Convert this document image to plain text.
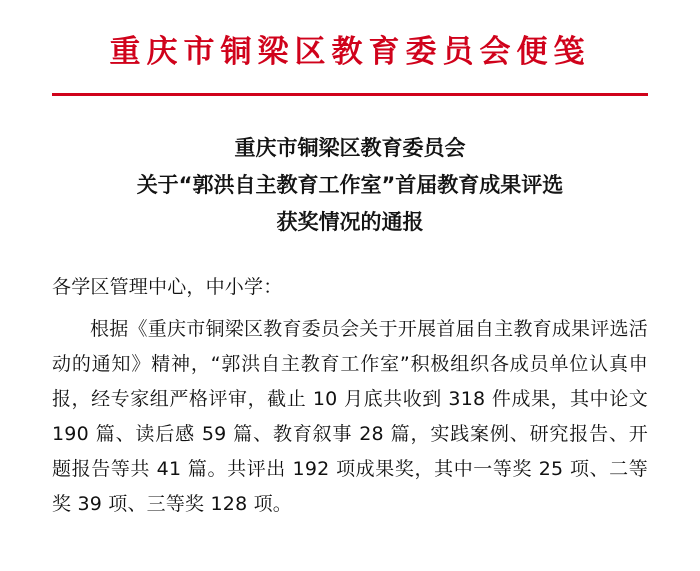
重庆市铜梁区教育委员会便笺
重庆市铜梁区教育委员会
关于“郭洪自主教育工作室”首届教育成果评选
获奖情况的通报

各学区管理中心，中小学：

根据《重庆市铜梁区教育委员会关于开展首届自主教育成果评选活动的通知》精神，“郭洪自主教育工作室”积极组织各成员单位认真申报，经专家组严格评审，截止 10 月底共收到 318 件成果，其中论文 190 篇、读后感 59 篇、教育叙事 28 篇，实践案例、研究报告、开题报告等共 41 篇。共评出 192 项成果奖，其中一等奖 25 项、二等奖 39 项、三等奖 128 项。
